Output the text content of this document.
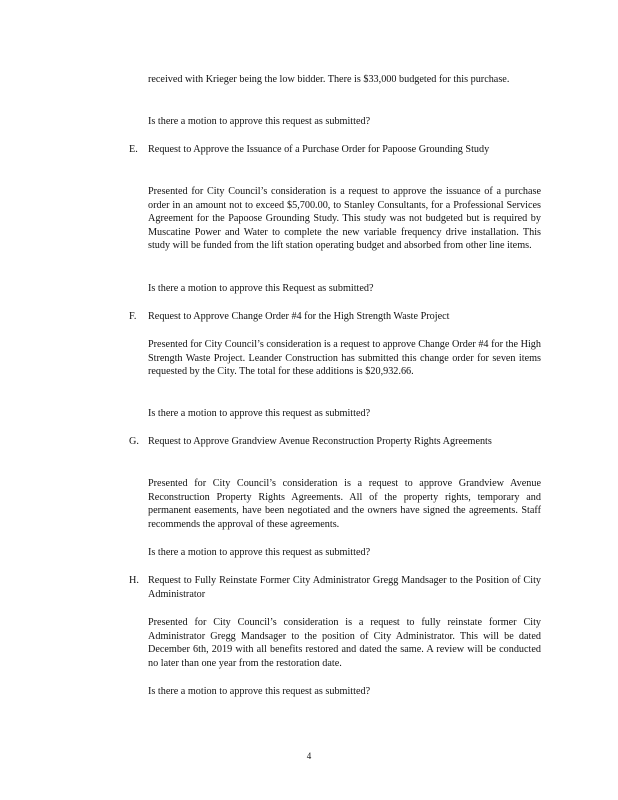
received with Krieger being the low bidder. There is $33,000 budgeted for this purchase.

Is there a motion to approve this request as submitted?

E.	Request to Approve the Issuance of a Purchase Order for Papoose Grounding Study

Presented for City Council’s consideration is a request to approve the issuance of a purchase order in an amount not to exceed $5,700.00, to Stanley Consultants, for a Professional Services Agreement for the Papoose Grounding Study. This study was not budgeted but is required by Muscatine Power and Water to complete the new variable frequency drive installation. This study will be funded from the lift station operating budget and absorbed from other line items.

Is there a motion to approve this Request as submitted?

F.	Request to Approve Change Order #4 for the High Strength Waste Project

Presented for City Council’s consideration is a request to approve Change Order #4 for the High Strength Waste Project. Leander Construction has submitted this change order for seven items requested by the City. The total for these additions is $20,932.66.

Is there a motion to approve this request as submitted?

G. Request to Approve Grandview Avenue Reconstruction Property Rights Agreements

Presented for City Council’s consideration is a request to approve Grandview Avenue Reconstruction Property Rights Agreements. All of the property rights, temporary and permanent easements, have been negotiated and the owners have signed the agreements. Staff recommends the approval of these agreements.

Is there a motion to approve this request as submitted?

H. Request to Fully Reinstate Former City Administrator Gregg Mandsager to the Position of City Administrator

Presented for City Council’s consideration is a request to fully reinstate former City Administrator Gregg Mandsager to the position of City Administrator. This will be dated December 6th, 2019 with all benefits restored and dated the same. A review will be conducted no later than one year from the restoration date.

Is there a motion to approve this request as submitted?

4
